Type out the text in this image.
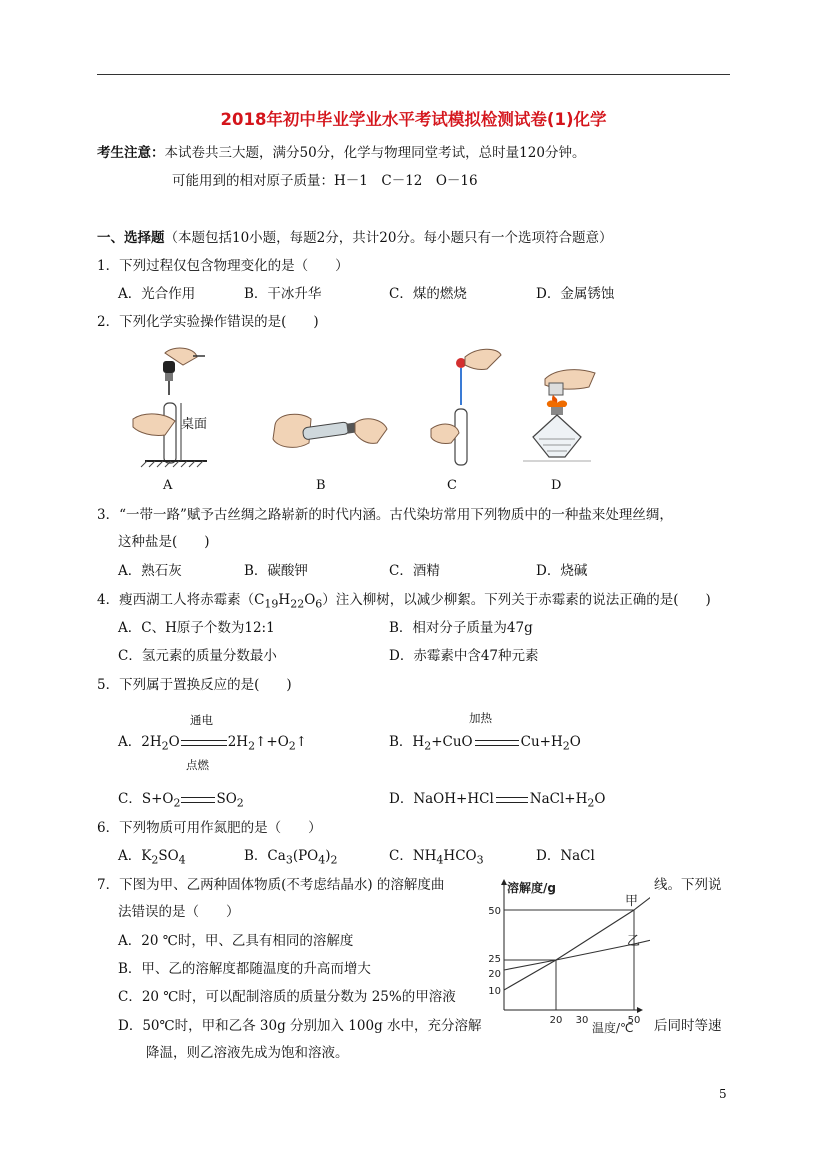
2018年初中毕业学业水平考试模拟检测试卷(1)化学
考生注意：本试卷共三大题，满分50分，化学与物理同堂考试，总时量120分钟。
可能用到的相对原子质量：H－1　C－12　O－16
一、选择题（本题包括10小题，每题2分，共计20分。每小题只有一个选项符合题意）
1．下列过程仅包含物理变化的是（　　）
A．光合作用	B．干冰升华	C．煤的燃烧	D．金属锈蚀
2．下列化学实验操作错误的是(　　)
桌面
A	B	C	D
3．“一带一路”赋予古丝绸之路崭新的时代内涵。古代染坊常用下列物质中的一种盐来处理丝绸，
这种盐是(　　)
A．熟石灰	B．碳酸钾	C．酒精	D．烧碱
4．瘦西湖工人将赤霉素$(C_{19}H_{22}O_6)$注入柳树，以减少柳絮。下列关于赤霉素的说法正确的是(　　)
A．C、H原子个数为12:1	B．相对分子质量为47g
C．氢元素的质量分数最小	D．赤霉素中含47种元素
5．下列属于置换反应的是(　　)
通电	加热
A．$2H_2O$	$2H_2↑+O_2↑$	B．$H_2+CuO$	$Cu+H_2O$
点燃
C．$S+O_2$	$SO_2$	D．NaOH+HCl	$NaCl+H_2O$
6．下列物质可用作氮肥的是（　　）
A．$K_2SO_4$	B．$Ca_3(PO_4)_2$	C．$NH_4HCO_3$	D．NaCl
7．下图为甲、乙两种固体物质(不考虑结晶水) 的溶解度曲	线。下列说
法错误的是（　　）
A．20 ℃时，甲、乙具有相同的溶解度
B．甲、乙的溶解度都随温度的升高而增大
C．20 ℃时，可以配制溶质的质量分数为 25%的甲溶液
D．50℃时，甲和乙各 30g 分别加入 100g 水中，充分溶解	后同时等速
降温，则乙溶液先成为饱和溶液。
溶解度/g
温度/℃
50
25
20
10
20 30	50
甲
乙
5
